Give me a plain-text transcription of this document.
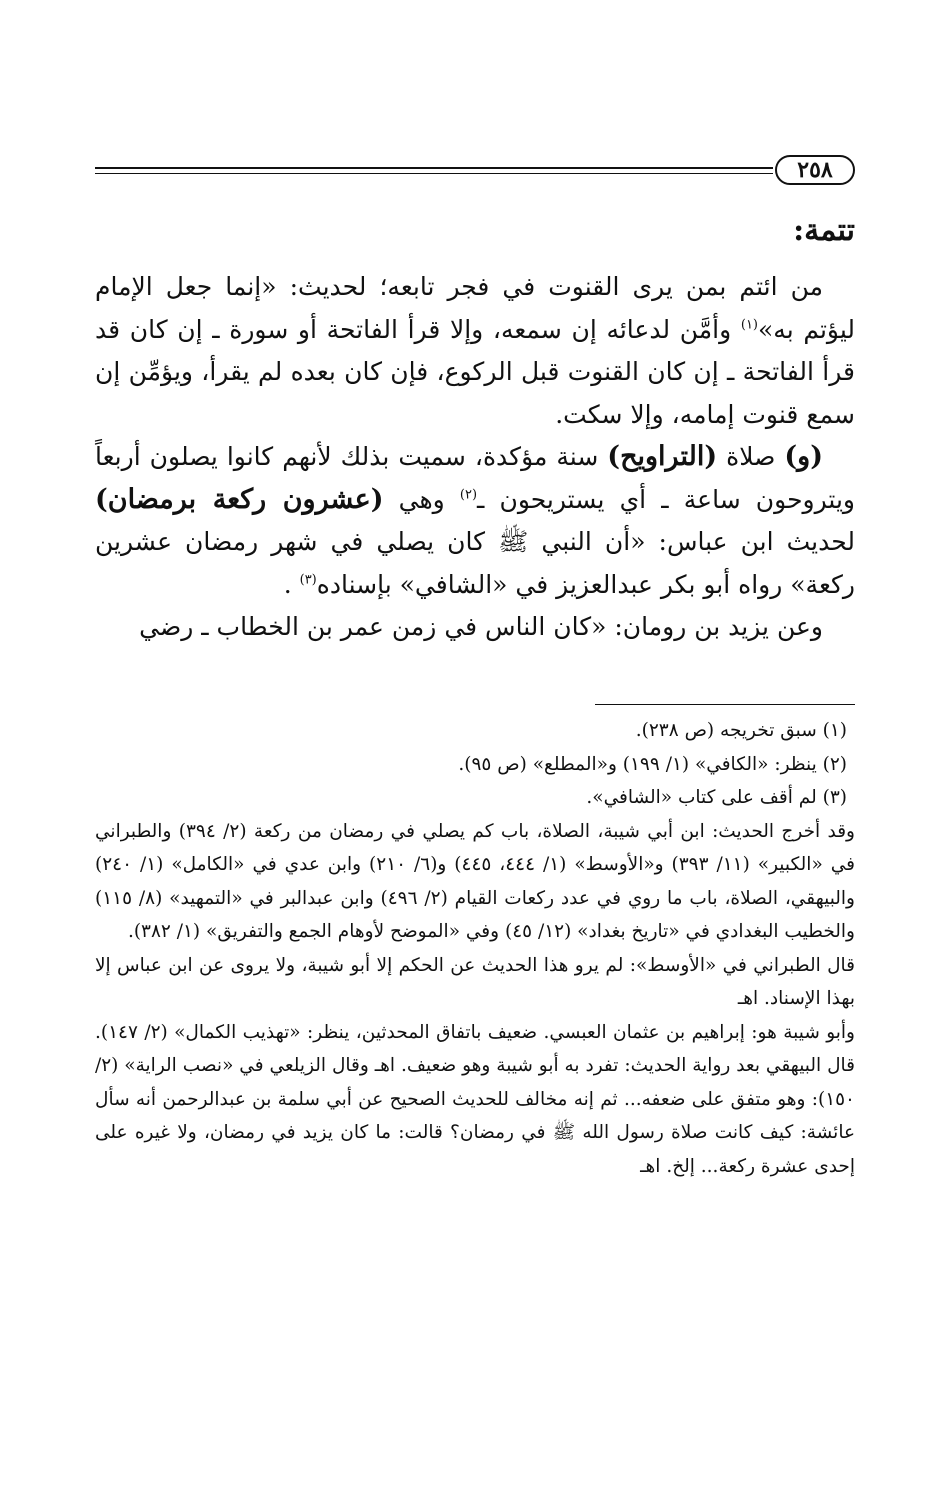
٢٥٨
تتمة:

من ائتم بمن يرى القنوت في فجر تابعه؛ لحديث: «إنما جعل الإمام ليؤتم به»$^{(١)}$ وأمَّن لدعائه إن سمعه، وإلا قرأ الفاتحة أو سورة ـ إن كان قد قرأ الفاتحة ـ إن كان القنوت قبل الركوع، فإن كان بعده لم يقرأ، ويؤمِّن إن سمع قنوت إمامه، وإلا سكت.

(و) صلاة (التراويح) سنة مؤكدة، سميت بذلك لأنهم كانوا يصلون أربعاً ويتروحون ساعة ـ أي يستريحون ـ$^{(٢)}$ وهي (عشرون ركعة برمضان) لحديث ابن عباس: «أن النبي ﷺ كان يصلي في شهر رمضان عشرين ركعة» رواه أبو بكر عبدالعزيز في «الشافي» بإسناده$^{(٣)}$ .

وعن يزيد بن رومان: «كان الناس في زمن عمر بن الخطاب ـ رضي

(١) سبق تخريجه (ص ٢٣٨).

(٢) ينظر: «الكافي» (١/ ١٩٩) و«المطلع» (ص ٩٥).

(٣) لم أقف على كتاب «الشافي».

وقد أخرج الحديث: ابن أبي شيبة، الصلاة، باب كم يصلي في رمضان من ركعة (٢/ ٣٩٤) والطبراني في «الكبير» (١١/ ٣٩٣) و«الأوسط» (١/ ٤٤٤، ٤٤٥) و(٦/ ٢١٠) وابن عدي في «الكامل» (١/ ٢٤٠) والبيهقي، الصلاة، باب ما روي في عدد ركعات القيام (٢/ ٤٩٦) وابن عبدالبر في «التمهيد» (٨/ ١١٥) والخطيب البغدادي في «تاريخ بغداد» (١٢/ ٤٥) وفي «الموضح لأوهام الجمع والتفريق» (١/ ٣٨٢).

قال الطبراني في «الأوسط»: لم يرو هذا الحديث عن الحكم إلا أبو شيبة، ولا يروى عن ابن عباس إلا بهذا الإسناد. اهـ

وأبو شيبة هو: إبراهيم بن عثمان العبسي. ضعيف باتفاق المحدثين، ينظر: «تهذيب الكمال» (٢/ ١٤٧). قال البيهقي بعد رواية الحديث: تفرد به أبو شيبة وهو ضعيف. اهـ وقال الزيلعي في «نصب الراية» (٢/ ١٥٠): وهو متفق على ضعفه... ثم إنه مخالف للحديث الصحيح عن أبي سلمة بن عبدالرحمن أنه سأل عائشة: كيف كانت صلاة رسول الله ﷺ في رمضان؟ قالت: ما كان يزيد في رمضان، ولا غيره على إحدى عشرة ركعة... إلخ. اهـ
